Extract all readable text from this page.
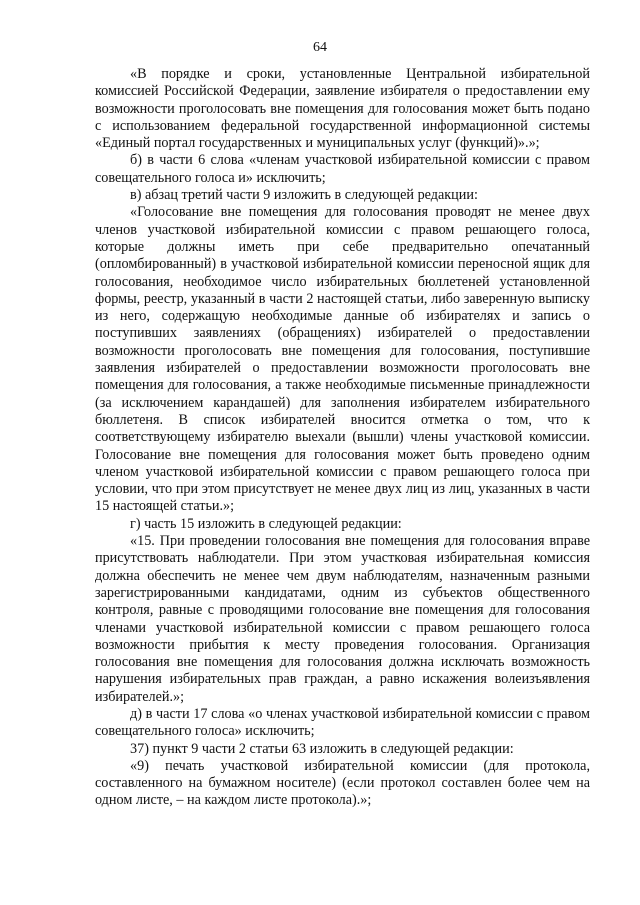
64

«В порядке и сроки, установленные Центральной избирательной комиссией Российской Федерации, заявление избирателя о предоставлении ему возможности проголосовать вне помещения для голосования может быть подано с использованием федеральной государственной информационной системы «Единый портал государственных и муниципальных услуг (функций)».»;

б) в части 6 слова «членам участковой избирательной комиссии с правом совещательного голоса и» исключить;

в) абзац третий части 9 изложить в следующей редакции:

«Голосование вне помещения для голосования проводят не менее двух членов участковой избирательной комиссии с правом решающего голоса, которые должны иметь при себе предварительно опечатанный (опломбированный) в участковой избирательной комиссии переносной ящик для голосования, необходимое число избирательных бюллетеней установленной формы, реестр, указанный в части 2 настоящей статьи, либо заверенную выписку из него, содержащую необходимые данные об избирателях и запись о поступивших заявлениях (обращениях) избирателей о предоставлении возможности проголосовать вне помещения для голосования, поступившие заявления избирателей о предоставлении возможности проголосовать вне помещения для голосования, а также необходимые письменные принадлежности (за исключением карандашей) для заполнения избирателем избирательного бюллетеня. В список избирателей вносится отметка о том, что к соответствующему избирателю выехали (вышли) члены участковой комиссии. Голосование вне помещения для голосования может быть проведено одним членом участковой избирательной комиссии с правом решающего голоса при условии, что при этом присутствует не менее двух лиц из лиц, указанных в части 15 настоящей статьи.»;

г) часть 15 изложить в следующей редакции:

«15. При проведении голосования вне помещения для голосования вправе присутствовать наблюдатели. При этом участковая избирательная комиссия должна обеспечить не менее чем двум наблюдателям, назначенным разными зарегистрированными кандидатами, одним из субъектов общественного контроля, равные с проводящими голосование вне помещения для голосования членами участковой избирательной комиссии с правом решающего голоса возможности прибытия к месту проведения голосования. Организация голосования вне помещения для голосования должна исключать возможность нарушения избирательных прав граждан, а равно искажения волеизъявления избирателей.»;

д) в части 17 слова «о членах участковой избирательной комиссии с правом совещательного голоса» исключить;

37) пункт 9 части 2 статьи 63 изложить в следующей редакции:

«9) печать участковой избирательной комиссии (для протокола, составленного на бумажном носителе) (если протокол составлен более чем на одном листе, – на каждом листе протокола).»;
